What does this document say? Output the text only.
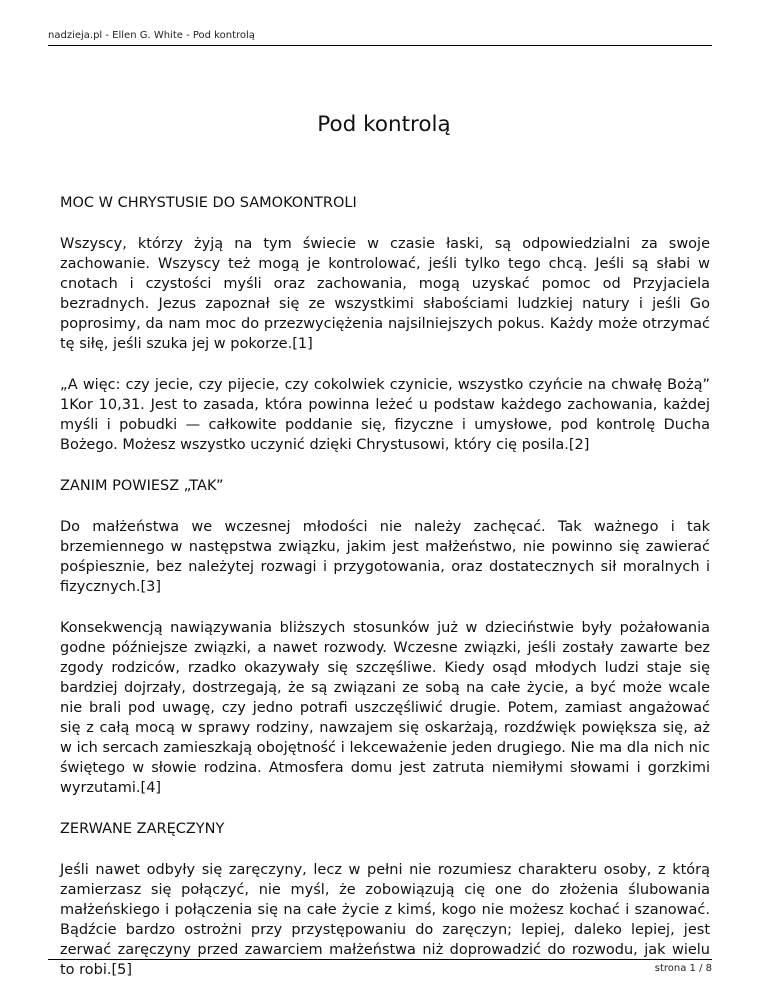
nadzieja.pl - Ellen G. White - Pod kontrolą
Pod kontrolą

MOC W CHRYSTUSIE DO SAMOKONTROLI

Wszyscy, którzy żyją na tym świecie w czasie łaski, są odpowiedzialni za swoje zachowanie. Wszyscy też mogą je kontrolować, jeśli tylko tego chcą. Jeśli są słabi w cnotach i czystości myśli oraz zachowania, mogą uzyskać pomoc od Przyjaciela bezradnych. Jezus zapoznał się ze wszystkimi słabościami ludzkiej natury i jeśli Go poprosimy, da nam moc do przezwyciężenia najsilniejszych pokus. Każdy może otrzymać tę siłę, jeśli szuka jej w pokorze.[1]

„A więc: czy jecie, czy pijecie, czy cokolwiek czynicie, wszystko czyńcie na chwałę Bożą” 1Kor 10,31. Jest to zasada, która powinna leżeć u podstaw każdego zachowania, każdej myśli i pobudki — całkowite poddanie się, fizyczne i umysłowe, pod kontrolę Ducha Bożego. Możesz wszystko uczynić dzięki Chrystusowi, który cię posila.[2]

ZANIM POWIESZ „TAK”

Do małżeństwa we wczesnej młodości nie należy zachęcać. Tak ważnego i tak brzemiennego w następstwa związku, jakim jest małżeństwo, nie powinno się zawierać pośpiesznie, bez należytej rozwagi i przygotowania, oraz dostatecznych sił moralnych i fizycznych.[3]

Konsekwencją nawiązywania bliższych stosunków już w dzieciństwie były pożałowania godne późniejsze związki, a nawet rozwody. Wczesne związki, jeśli zostały zawarte bez zgody rodziców, rzadko okazywały się szczęśliwe. Kiedy osąd młodych ludzi staje się bardziej dojrzały, dostrzegają, że są związani ze sobą na całe życie, a być może wcale nie brali pod uwagę, czy jedno potrafi uszczęśliwić drugie. Potem, zamiast angażować się z całą mocą w sprawy rodziny, nawzajem się oskarżają, rozdźwięk powiększa się, aż w ich sercach zamieszkają obojętność i lekceważenie jeden drugiego. Nie ma dla nich nic świętego w słowie rodzina. Atmosfera domu jest zatruta niemiłymi słowami i gorzkimi wyrzutami.[4]

ZERWANE ZARĘCZYNY

Jeśli nawet odbyły się zaręczyny, lecz w pełni nie rozumiesz charakteru osoby, z którą zamierzasz się połączyć, nie myśl, że zobowiązują cię one do złożenia ślubowania małżeńskiego i połączenia się na całe życie z kimś, kogo nie możesz kochać i szanować. Bądźcie bardzo ostrożni przy przystępowaniu do zaręczyn; lepiej, daleko lepiej, jest zerwać zaręczyny przed zawarciem małżeństwa niż doprowadzić do rozwodu, jak wielu to robi.[5]	strona 1 / 8
